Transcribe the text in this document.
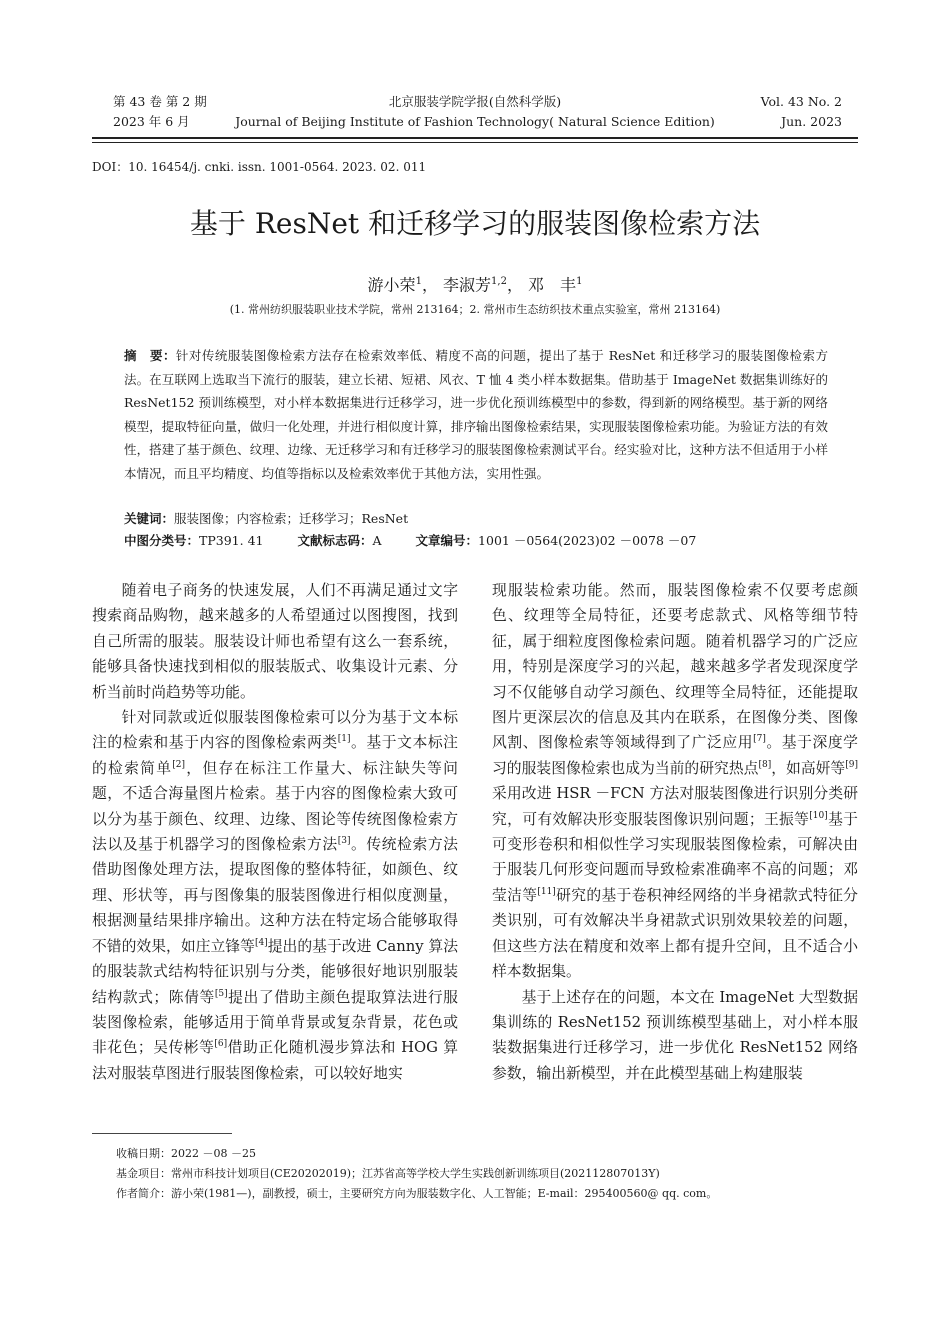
第 43 卷 第 2 期
2023 年 6 月
北京服装学院学报(自然科学版)
Journal of Beijing Institute of Fashion Technology( Natural Science Edition)
Vol. 43 No. 2
Jun. 2023
DOI：10. 16454/j. cnki. issn. 1001-0564. 2023. 02. 011
基于 ResNet 和迁移学习的服装图像检索方法
游小荣$^1$， 李淑芳$^{1,2}$， 邓　丰$^1$
(1. 常州纺织服装职业技术学院，常州 213164；2. 常州市生态纺织技术重点实验室，常州 213164)
摘　要：针对传统服装图像检索方法存在检索效率低、精度不高的问题，提出了基于 ResNet 和迁移学习的服装图像检索方法。在互联网上选取当下流行的服装，建立长裙、短裙、风衣、T 恤 4 类小样本数据集。借助基于 ImageNet 数据集训练好的 ResNet152 预训练模型，对小样本数据集进行迁移学习，进一步优化预训练模型中的参数，得到新的网络模型。基于新的网络模型，提取特征向量，做归一化处理，并进行相似度计算，排序输出图像检索结果，实现服装图像检索功能。为验证方法的有效性，搭建了基于颜色、纹理、边缘、无迁移学习和有迁移学习的服装图像检索测试平台。经实验对比，这种方法不但适用于小样本情况，而且平均精度、均值等指标以及检索效率优于其他方法，实用性强。
关键词：服装图像；内容检索；迁移学习；ResNet
中图分类号：TP391. 41	文献标志码：A	文章编号：1001 －0564(2023)02 －0078 －07

随着电子商务的快速发展，人们不再满足通过文字搜索商品购物，越来越多的人希望通过以图搜图，找到自己所需的服装。服装设计师也希望有这么一套系统，能够具备快速找到相似的服装版式、收集设计元素、分析当前时尚趋势等功能。

针对同款或近似服装图像检索可以分为基于文本标注的检索和基于内容的图像检索两类[1]。基于文本标注的检索简单[2]，但存在标注工作量大、标注缺失等问题，不适合海量图片检索。基于内容的图像检索大致可以分为基于颜色、纹理、边缘、图论等传统图像检索方法以及基于机器学习的图像检索方法[3]。传统检索方法借助图像处理方法，提取图像的整体特征，如颜色、纹理、形状等，再与图像集的服装图像进行相似度测量，根据测量结果排序输出。这种方法在特定场合能够取得不错的效果，如庄立锋等[4]提出的基于改进 Canny 算法的服装款式结构特征识别与分类，能够很好地识别服装结构款式；陈倩等[5]提出了借助主颜色提取算法进行服装图像检索，能够适用于简单背景或复杂背景，花色或非花色；吴传彬等[6]借助正化随机漫步算法和 HOG 算法对服装草图进行服装图像检索，可以较好地实

现服装检索功能。然而，服装图像检索不仅要考虑颜色、纹理等全局特征，还要考虑款式、风格等细节特征，属于细粒度图像检索问题。随着机器学习的广泛应用，特别是深度学习的兴起，越来越多学者发现深度学习不仅能够自动学习颜色、纹理等全局特征，还能提取图片更深层次的信息及其内在联系，在图像分类、图像风割、图像检索等领域得到了广泛应用[7]。基于深度学习的服装图像检索也成为当前的研究热点[8]，如高妍等[9]采用改进 HSR －FCN 方法对服装图像进行识别分类研究，可有效解决形变服装图像识别问题；王振等[10]基于可变形卷积和相似性学习实现服装图像检索，可解决由于服装几何形变问题而导致检索准确率不高的问题；邓莹洁等[11]研究的基于卷积神经网络的半身裙款式特征分类识别，可有效解决半身裙款式识别效果较差的问题，但这些方法在精度和效率上都有提升空间，且不适合小样本数据集。

基于上述存在的问题，本文在 ImageNet 大型数据集训练的 ResNet152 预训练模型基础上，对小样本服装数据集进行迁移学习，进一步优化 ResNet152 网络参数，输出新模型，并在此模型基础上构建服装

收稿日期：2022 －08 －25
基金项目：常州市科技计划项目(CE20202019)；江苏省高等学校大学生实践创新训练项目(202112807013Y)
作者简介：游小荣(1981—)，副教授，硕士，主要研究方向为服装数字化、人工智能；E-mail：295400560@ qq. com。
